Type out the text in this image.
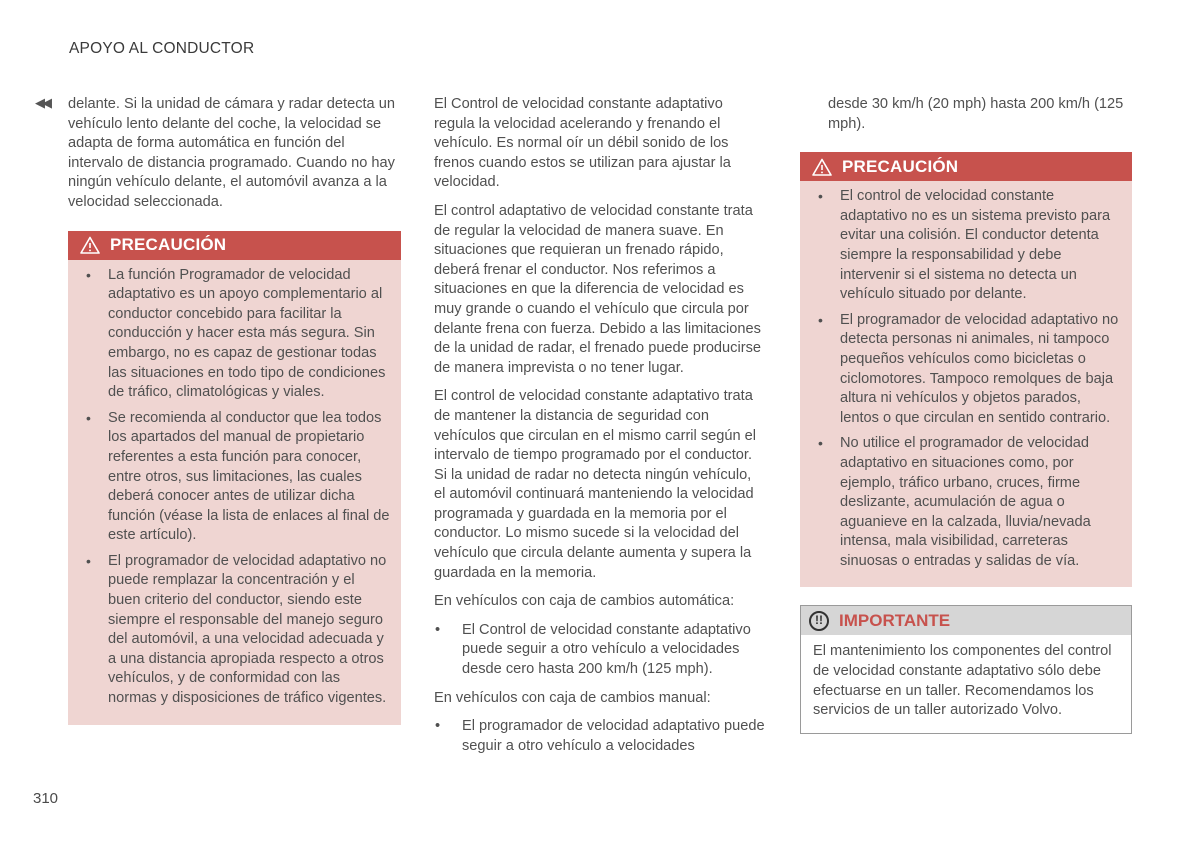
APOYO AL CONDUCTOR
◀◀ delante. Si la unidad de cámara y radar detecta un vehículo lento delante del coche, la velocidad se adapta de forma automática en función del intervalo de distancia programado. Cuando no hay ningún vehículo delante, el automóvil avanza a la velocidad seleccionada.

PRECAUCIÓN
• La función Programador de velocidad adaptativo es un apoyo complementario al conductor concebido para facilitar la conducción y hacer esta más segura. Sin embargo, no es capaz de gestionar todas las situaciones en todo tipo de condiciones de tráfico, climatológicas y viales.
• Se recomienda al conductor que lea todos los apartados del manual de propietario referentes a esta función para conocer, entre otros, sus limitaciones, las cuales deberá conocer antes de utilizar dicha función (véase la lista de enlaces al final de este artículo).
• El programador de velocidad adaptativo no puede remplazar la concentración y el buen criterio del conductor, siendo este siempre el responsable del manejo seguro del automóvil, a una velocidad adecuada y a una distancia apropiada respecto a otros vehículos, y de conformidad con las normas y disposiciones de tráfico vigentes.

El Control de velocidad constante adaptativo regula la velocidad acelerando y frenando el vehículo. Es normal oír un débil sonido de los frenos cuando estos se utilizan para ajustar la velocidad.

El control adaptativo de velocidad constante trata de regular la velocidad de manera suave. En situaciones que requieran un frenado rápido, deberá frenar el conductor. Nos referimos a situaciones en que la diferencia de velocidad es muy grande o cuando el vehículo que circula por delante frena con fuerza. Debido a las limitaciones de la unidad de radar, el frenado puede producirse de manera imprevista o no tener lugar.

El control de velocidad constante adaptativo trata de mantener la distancia de seguridad con vehículos que circulan en el mismo carril según el intervalo de tiempo programado por el conductor. Si la unidad de radar no detecta ningún vehículo, el automóvil continuará manteniendo la velocidad programada y guardada en la memoria por el conductor. Lo mismo sucede si la velocidad del vehículo que circula delante aumenta y supera la guardada en la memoria.

En vehículos con caja de cambios automática:

• El Control de velocidad constante adaptativo puede seguir a otro vehículo a velocidades desde cero hasta 200 km/h (125 mph).

En vehículos con caja de cambios manual:

• El programador de velocidad adaptativo puede seguir a otro vehículo a velocidades

desde 30 km/h (20 mph) hasta 200 km/h (125 mph).

PRECAUCIÓN
• El control de velocidad constante adaptativo no es un sistema previsto para evitar una colisión. El conductor detenta siempre la responsabilidad y debe intervenir si el sistema no detecta un vehículo situado por delante.
• El programador de velocidad adaptativo no detecta personas ni animales, ni tampoco pequeños vehículos como bicicletas o ciclomotores. Tampoco remolques de baja altura ni vehículos y objetos parados, lentos o que circulan en sentido contrario.
• No utilice el programador de velocidad adaptativo en situaciones como, por ejemplo, tráfico urbano, cruces, firme deslizante, acumulación de agua o aguanieve en la calzada, lluvia/nevada intensa, mala visibilidad, carreteras sinuosas o entradas y salidas de vía.
!! IMPORTANTE
El mantenimiento los componentes del control de velocidad constante adaptativo sólo debe efectuarse en un taller. Recomendamos los servicios de un taller autorizado Volvo.
310
